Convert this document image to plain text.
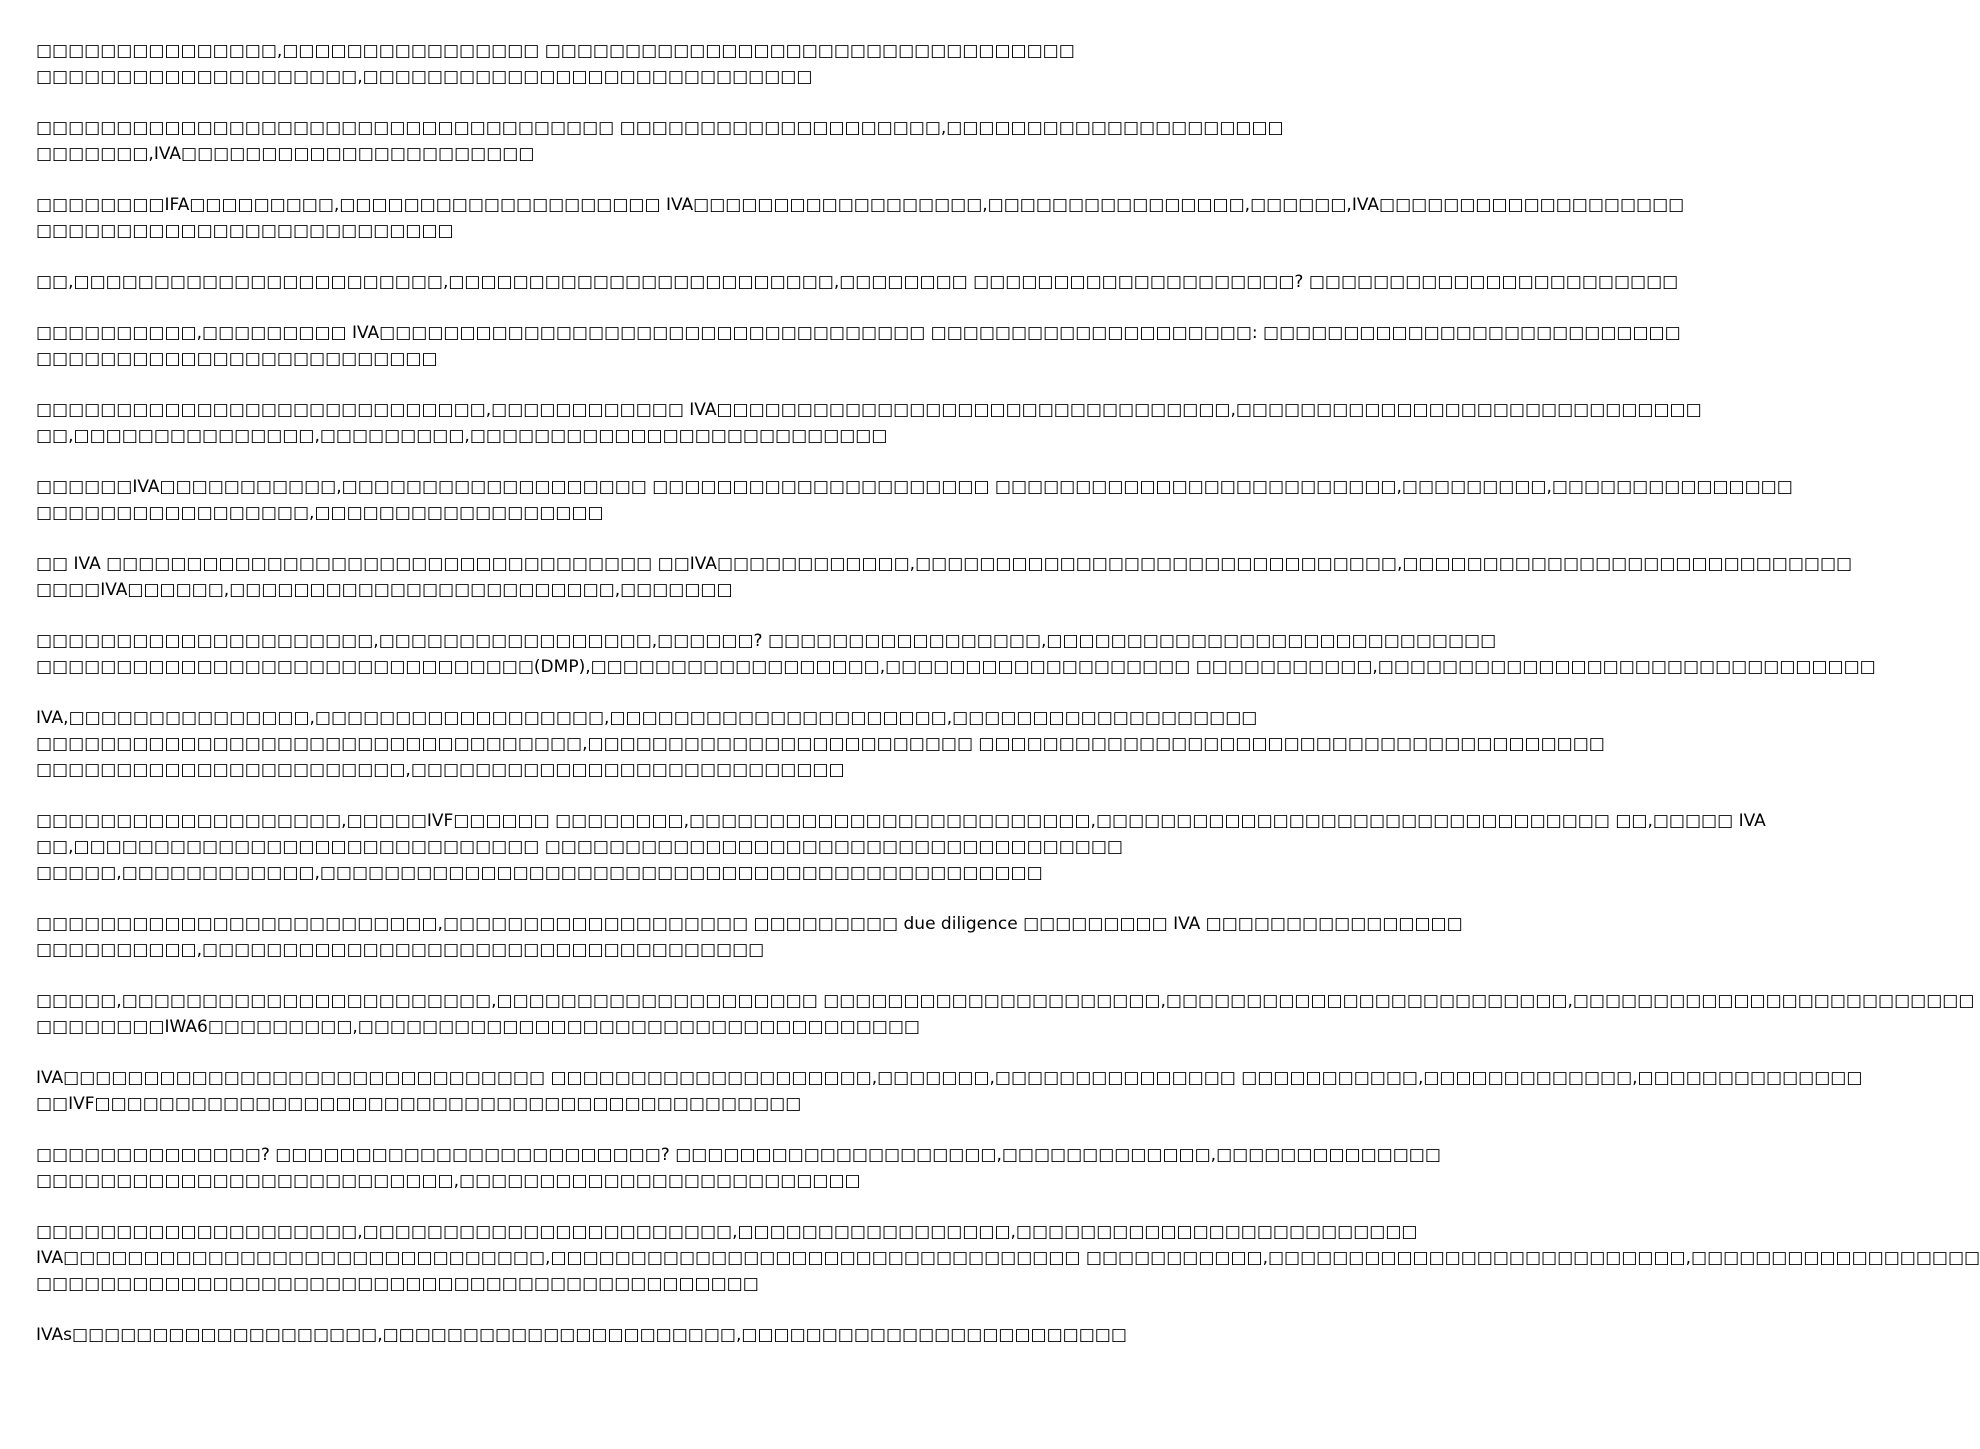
□□□□□□□□□□□□□□□,□□□□□□□□□□□□□□□□ □□□□□□□□□□□□□□□□□□□□□□□□□□□□□□□□□
□□□□□□□□□□□□□□□□□□□□,□□□□□□□□□□□□□□□□□□□□□□□□□□□□

□□□□□□□□□□□□□□□□□□□□□□□□□□□□□□□□□□□□ □□□□□□□□□□□□□□□□□□□□,□□□□□□□□□□□□□□□□□□□□□
□□□□□□□,IVA□□□□□□□□□□□□□□□□□□□□□□

□□□□□□□□IFA□□□□□□□□□,□□□□□□□□□□□□□□□□□□□□ IVA□□□□□□□□□□□□□□□□□□,□□□□□□□□□□□□□□□□,□□□□□□,IVA□□□□□□□□□□□□□□□□□□□
□□□□□□□□□□□□□□□□□□□□□□□□□□

□□,□□□□□□□□□□□□□□□□□□□□□□□,□□□□□□□□□□□□□□□□□□□□□□□□,□□□□□□□□ □□□□□□□□□□□□□□□□□□□□? □□□□□□□□□□□□□□□□□□□□□□□

□□□□□□□□□□,□□□□□□□□□ IVA□□□□□□□□□□□□□□□□□□□□□□□□□□□□□□□□□□ □□□□□□□□□□□□□□□□□□□□: □□□□□□□□□□□□□□□□□□□□□□□□□□
□□□□□□□□□□□□□□□□□□□□□□□□□

□□□□□□□□□□□□□□□□□□□□□□□□□□□□,□□□□□□□□□□□□ IVA□□□□□□□□□□□□□□□□□□□□□□□□□□□□□□□□,□□□□□□□□□□□□□□□□□□□□□□□□□□□□□
□□,□□□□□□□□□□□□□□□,□□□□□□□□□,□□□□□□□□□□□□□□□□□□□□□□□□□□

□□□□□□IVA□□□□□□□□□□□,□□□□□□□□□□□□□□□□□□□ □□□□□□□□□□□□□□□□□□□□□ □□□□□□□□□□□□□□□□□□□□□□□□□,□□□□□□□□□,□□□□□□□□□□□□□□□
□□□□□□□□□□□□□□□□□,□□□□□□□□□□□□□□□□□□

□□ IVA □□□□□□□□□□□□□□□□□□□□□□□□□□□□□□□□□□ □□IVA□□□□□□□□□□□□,□□□□□□□□□□□□□□□□□□□□□□□□□□□□□□,□□□□□□□□□□□□□□□□□□□□□□□□□□□□
□□□□IVA□□□□□□,□□□□□□□□□□□□□□□□□□□□□□□□,□□□□□□□

□□□□□□□□□□□□□□□□□□□□□,□□□□□□□□□□□□□□□□□,□□□□□□? □□□□□□□□□□□□□□□□□,□□□□□□□□□□□□□□□□□□□□□□□□□□□□
□□□□□□□□□□□□□□□□□□□□□□□□□□□□□□□(DMP),□□□□□□□□□□□□□□□□□□,□□□□□□□□□□□□□□□□□□□ □□□□□□□□□□□,□□□□□□□□□□□□□□□□□□□□□□□□□□□□□□□

IVA,□□□□□□□□□□□□□□□,□□□□□□□□□□□□□□□□□□,□□□□□□□□□□□□□□□□□□□□□,□□□□□□□□□□□□□□□□□□□
□□□□□□□□□□□□□□□□□□□□□□□□□□□□□□□□□□,□□□□□□□□□□□□□□□□□□□□□□□□ □□□□□□□□□□□□□□□□□□□□□□□□□□□□□□□□□□□□□□□
□□□□□□□□□□□□□□□□□□□□□□□,□□□□□□□□□□□□□□□□□□□□□□□□□□□

□□□□□□□□□□□□□□□□□□□,□□□□□IVF□□□□□□ □□□□□□□□,□□□□□□□□□□□□□□□□□□□□□□□□□,□□□□□□□□□□□□□□□□□□□□□□□□□□□□□□□□ □□,□□□□□ IVA
□□,□□□□□□□□□□□□□□□□□□□□□□□□□□□□□ □□□□□□□□□□□□□□□□□□□□□□□□□□□□□□□□□□□□
□□□□□,□□□□□□□□□□□□,□□□□□□□□□□□□□□□□□□□□□□□□□□□□□□□□□□□□□□□□□□□□□

□□□□□□□□□□□□□□□□□□□□□□□□□,□□□□□□□□□□□□□□□□□□□ □□□□□□□□□ due diligence □□□□□□□□□ IVA □□□□□□□□□□□□□□□□
□□□□□□□□□□,□□□□□□□□□□□□□□□□□□□□□□□□□□□□□□□□□□□

□□□□□,□□□□□□□□□□□□□□□□□□□□□□□,□□□□□□□□□□□□□□□□□□□□ □□□□□□□□□□□□□□□□□□□□□,□□□□□□□□□□□□□□□□□□□□□□□□□,□□□□□□□□□□□□□□□□□□□□□□□□□
□□□□□□□□IWA6□□□□□□□□□,□□□□□□□□□□□□□□□□□□□□□□□□□□□□□□□□□□□

IVA□□□□□□□□□□□□□□□□□□□□□□□□□□□□□□ □□□□□□□□□□□□□□□□□□□□,□□□□□□□,□□□□□□□□□□□□□□□ □□□□□□□□□□□,□□□□□□□□□□□□□,□□□□□□□□□□□□□□
□□IVF□□□□□□□□□□□□□□□□□□□□□□□□□□□□□□□□□□□□□□□□□□□□

□□□□□□□□□□□□□□? □□□□□□□□□□□□□□□□□□□□□□□□? □□□□□□□□□□□□□□□□□□□□,□□□□□□□□□□□□□,□□□□□□□□□□□□□□
□□□□□□□□□□□□□□□□□□□□□□□□□□,□□□□□□□□□□□□□□□□□□□□□□□□□

□□□□□□□□□□□□□□□□□□□□,□□□□□□□□□□□□□□□□□□□□□□□,□□□□□□□□□□□□□□□□□,□□□□□□□□□□□□□□□□□□□□□□□□□
IVA□□□□□□□□□□□□□□□□□□□□□□□□□□□□□□,□□□□□□□□□□□□□□□□□□□□□□□□□□□□□□□□□ □□□□□□□□□□□,□□□□□□□□□□□□□□□□□□□□□□□□□□,□□□□□□□□□□□□□□□□□□
□□□□□□□□□□□□□□□□□□□□□□□□□□□□□□□□□□□□□□□□□□□□□

IVAs□□□□□□□□□□□□□□□□□□□,□□□□□□□□□□□□□□□□□□□□□□,□□□□□□□□□□□□□□□□□□□□□□□□
